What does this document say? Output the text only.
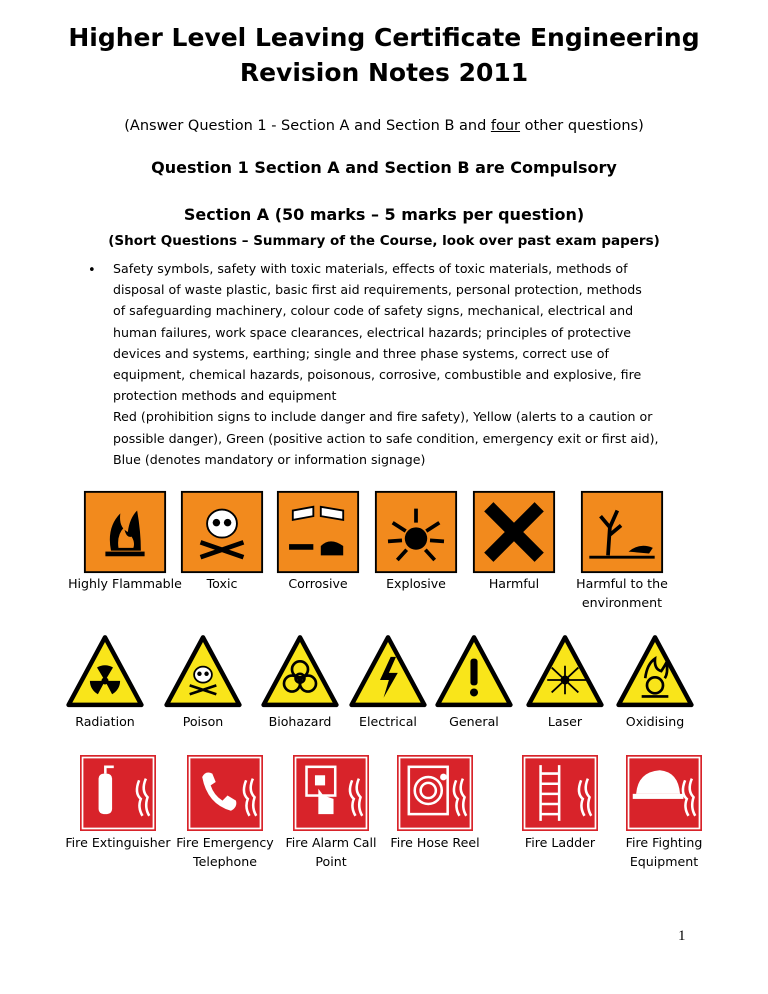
Higher Level Leaving Certificate Engineering
Revision Notes 2011
(Answer Question 1 - Section A and Section B and four other questions)
Question 1 Section A and Section B are Compulsory
Section A (50 marks – 5 marks per question)
(Short Questions – Summary of the Course, look over past exam papers)
• Safety symbols, safety with toxic materials, effects of toxic materials, methods of
disposal of waste plastic, basic first aid requirements, personal protection, methods
of safeguarding machinery, colour code of safety signs, mechanical, electrical and
human failures, work space clearances, electrical hazards; principles of protective
devices and systems, earthing; single and three phase systems, correct use of
equipment, chemical hazards, poisonous, corrosive, combustible and explosive, fire
protection methods and equipment
Red (prohibition signs to include danger and fire safety), Yellow (alerts to a caution or
possible danger), Green (positive action to safe condition, emergency exit or first aid),
Blue (denotes mandatory or information signage)
Highly Flammable	Toxic	Corrosive	Explosive	Harmful	Harmful to the environment
Radiation	Poison	Biohazard	Electrical	General	Laser	Oxidising
Fire Extinguisher Fire Emergency Telephone
Fire Alarm Call Point
Fire Hose Reel	Fire Ladder	Fire Fighting Equipment
1
